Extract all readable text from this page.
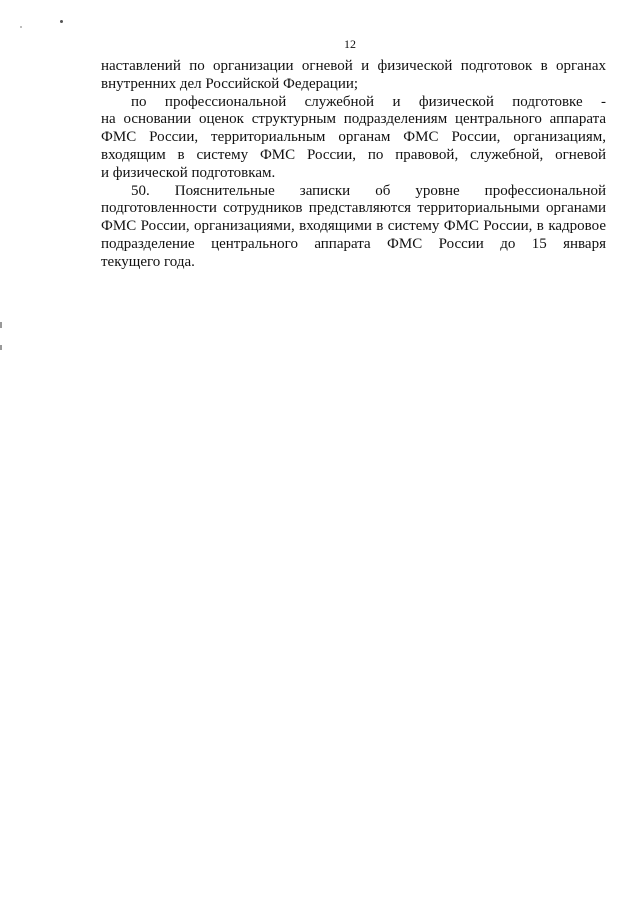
12

наставлений по организации огневой и физической подготовок в органах
внутренних дел Российской Федерации;

по профессиональной служебной и физической подготовке -
на основании оценок структурным подразделениям центрального аппарата
ФМС России, территориальным органам ФМС России, организациям,
входящим в систему ФМС России, по правовой, служебной, огневой
и физической подготовкам.

50. Пояснительные записки об уровне профессиональной
подготовленности сотрудников представляются территориальными органами
ФМС России, организациями, входящими в систему ФМС России, в кадровое
подразделение центрального аппарата ФМС России до 15 января
текущего года.
